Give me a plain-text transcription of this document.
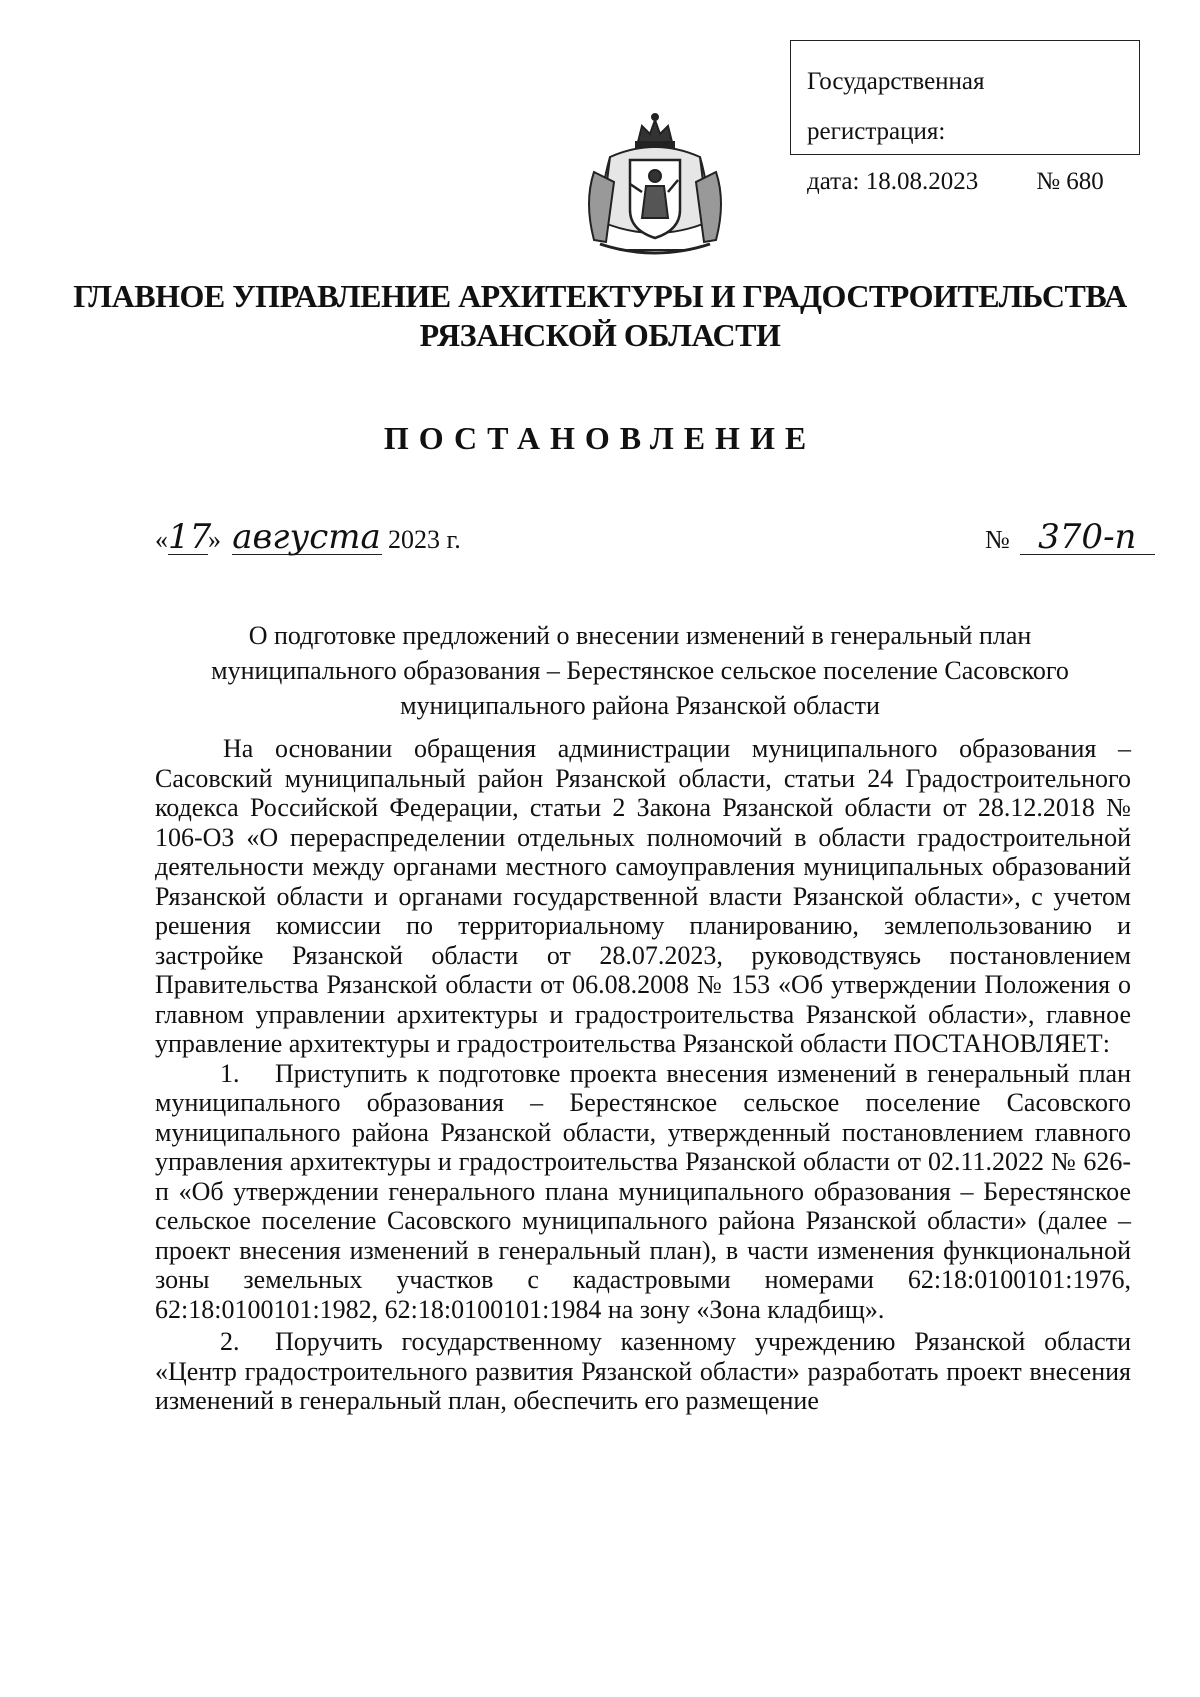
Государственная регистрация:
дата: 18.08.2023 № 680
ГЛАВНОЕ УПРАВЛЕНИЕ АРХИТЕКТУРЫ И ГРАДОСТРОИТЕЛЬСТВА
РЯЗАНСКОЙ ОБЛАСТИ
ПОСТАНОВЛЕНИЕ
«17» августа 2023 г.	№ 370-п
О подготовке предложений о внесении изменений в генеральный план
муниципального образования – Берестянское сельское поселение Сасовского
муниципального района Рязанской области

На основании обращения администрации муниципального образования – Сасовский муниципальный район Рязанской области, статьи 24 Градостроительного кодекса Российской Федерации, статьи 2 Закона Рязанской области от 28.12.2018 № 106-ОЗ «О перераспределении отдельных полномочий в области градостроительной деятельности между органами местного самоуправления муниципальных образований Рязанской области и органами государственной власти Рязанской области», с учетом решения комиссии по территориальному планированию, землепользованию и застройке Рязанской области от 28.07.2023, руководствуясь постановлением Правительства Рязанской области от 06.08.2008 № 153 «Об утверждении Положения о главном управлении архитектуры и градостроительства Рязанской области», главное управление архитектуры и градостроительства Рязанской области ПОСТАНОВЛЯЕТ:

1. Приступить к подготовке проекта внесения изменений в генеральный план муниципального образования – Берестянское сельское поселение Сасовского муниципального района Рязанской области, утвержденный постановлением главного управления архитектуры и градостроительства Рязанской области от 02.11.2022 № 626-п «Об утверждении генерального плана муниципального образования – Берестянское сельское поселение Сасовского муниципального района Рязанской области» (далее – проект внесения изменений в генеральный план), в части изменения функциональной зоны земельных участков с кадастровыми номерами 62:18:0100101:1976, 62:18:0100101:1982, 62:18:0100101:1984 на зону «Зона кладбищ».

2. Поручить государственному казенному учреждению Рязанской области «Центр градостроительного развития Рязанской области» разработать проект внесения изменений в генеральный план, обеспечить его размещение
